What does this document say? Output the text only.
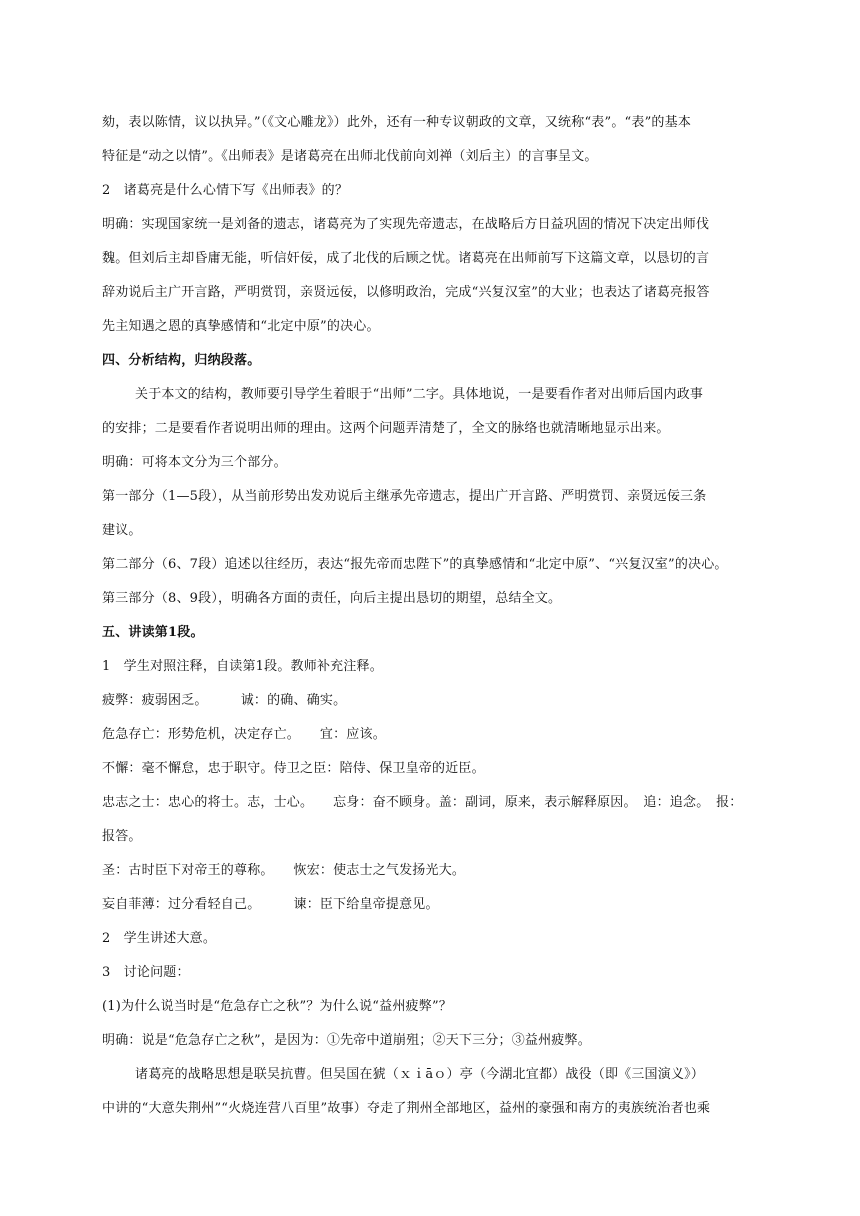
劾，表以陈情，议以执异。”（《文心雕龙》）此外，还有一种专议朝政的文章，又统称“表”。“表”的基本
特征是“动之以情”。《出师表》是诸葛亮在出师北伐前向刘禅（刘后主）的言事呈文。
2　诸葛亮是什么心情下写《出师表》的？
明确：实现国家统一是刘备的遗志，诸葛亮为了实现先帝遗志，在战略后方日益巩固的情况下决定出师伐
魏。但刘后主却昏庸无能，听信奸佞，成了北伐的后顾之忧。诸葛亮在出师前写下这篇文章，以恳切的言
辞劝说后主广开言路，严明赏罚，亲贤远佞，以修明政治，完成“兴复汉室”的大业；也表达了诸葛亮报答
先主知遇之恩的真挚感情和“北定中原”的决心。
四、分析结构，归纳段落。
关于本文的结构，教师要引导学生着眼于“出师”二字。具体地说，一是要看作者对出师后国内政事
的安排；二是要看作者说明出师的理由。这两个问题弄清楚了，全文的脉络也就清晰地显示出来。
明确：可将本文分为三个部分。
第一部分（1—5段），从当前形势出发劝说后主继承先帝遗志，提出广开言路、严明赏罚、亲贤远佞三条
建议。
第二部分（6、7段）追述以往经历，表达“报先帝而忠陛下”的真挚感情和“北定中原”、“兴复汉室”的决心。
第三部分（8、9段），明确各方面的责任，向后主提出恳切的期望，总结全文。
五、讲读第1段。
1　学生对照注释，自读第1段。教师补充注释。
疲弊：疲弱困乏。　　　诚：的确、确实。
危急存亡：形势危机，决定存亡。　　宜：应该。
不懈：毫不懈怠，忠于职守。侍卫之臣：陪侍、保卫皇帝的近臣。
忠志之士：忠心的将士。志，士心。　　忘身：奋不顾身。盖：副词，原来，表示解释原因。　追：追念。　报：
报答。
圣：古时臣下对帝王的尊称。　　恢宏：使志士之气发扬光大。
妄自菲薄：过分看轻自己。　　　谏：臣下给皇帝提意见。
2　学生讲述大意。
3　讨论问题：
(1)为什么说当时是“危急存亡之秋”？为什么说“益州疲弊”？
明确：说是“危急存亡之秋”，是因为：①先帝中道崩殂；②天下三分；③益州疲弊。
诸葛亮的战略思想是联吴抗曹。但吴国在猇（ｘｉāｏ）亭（今湖北宜都）战役（即《三国演义》）
中讲的“大意失荆州”“火烧连营八百里”故事）夺走了荆州全部地区，益州的豪强和南方的夷族统治者也乘
